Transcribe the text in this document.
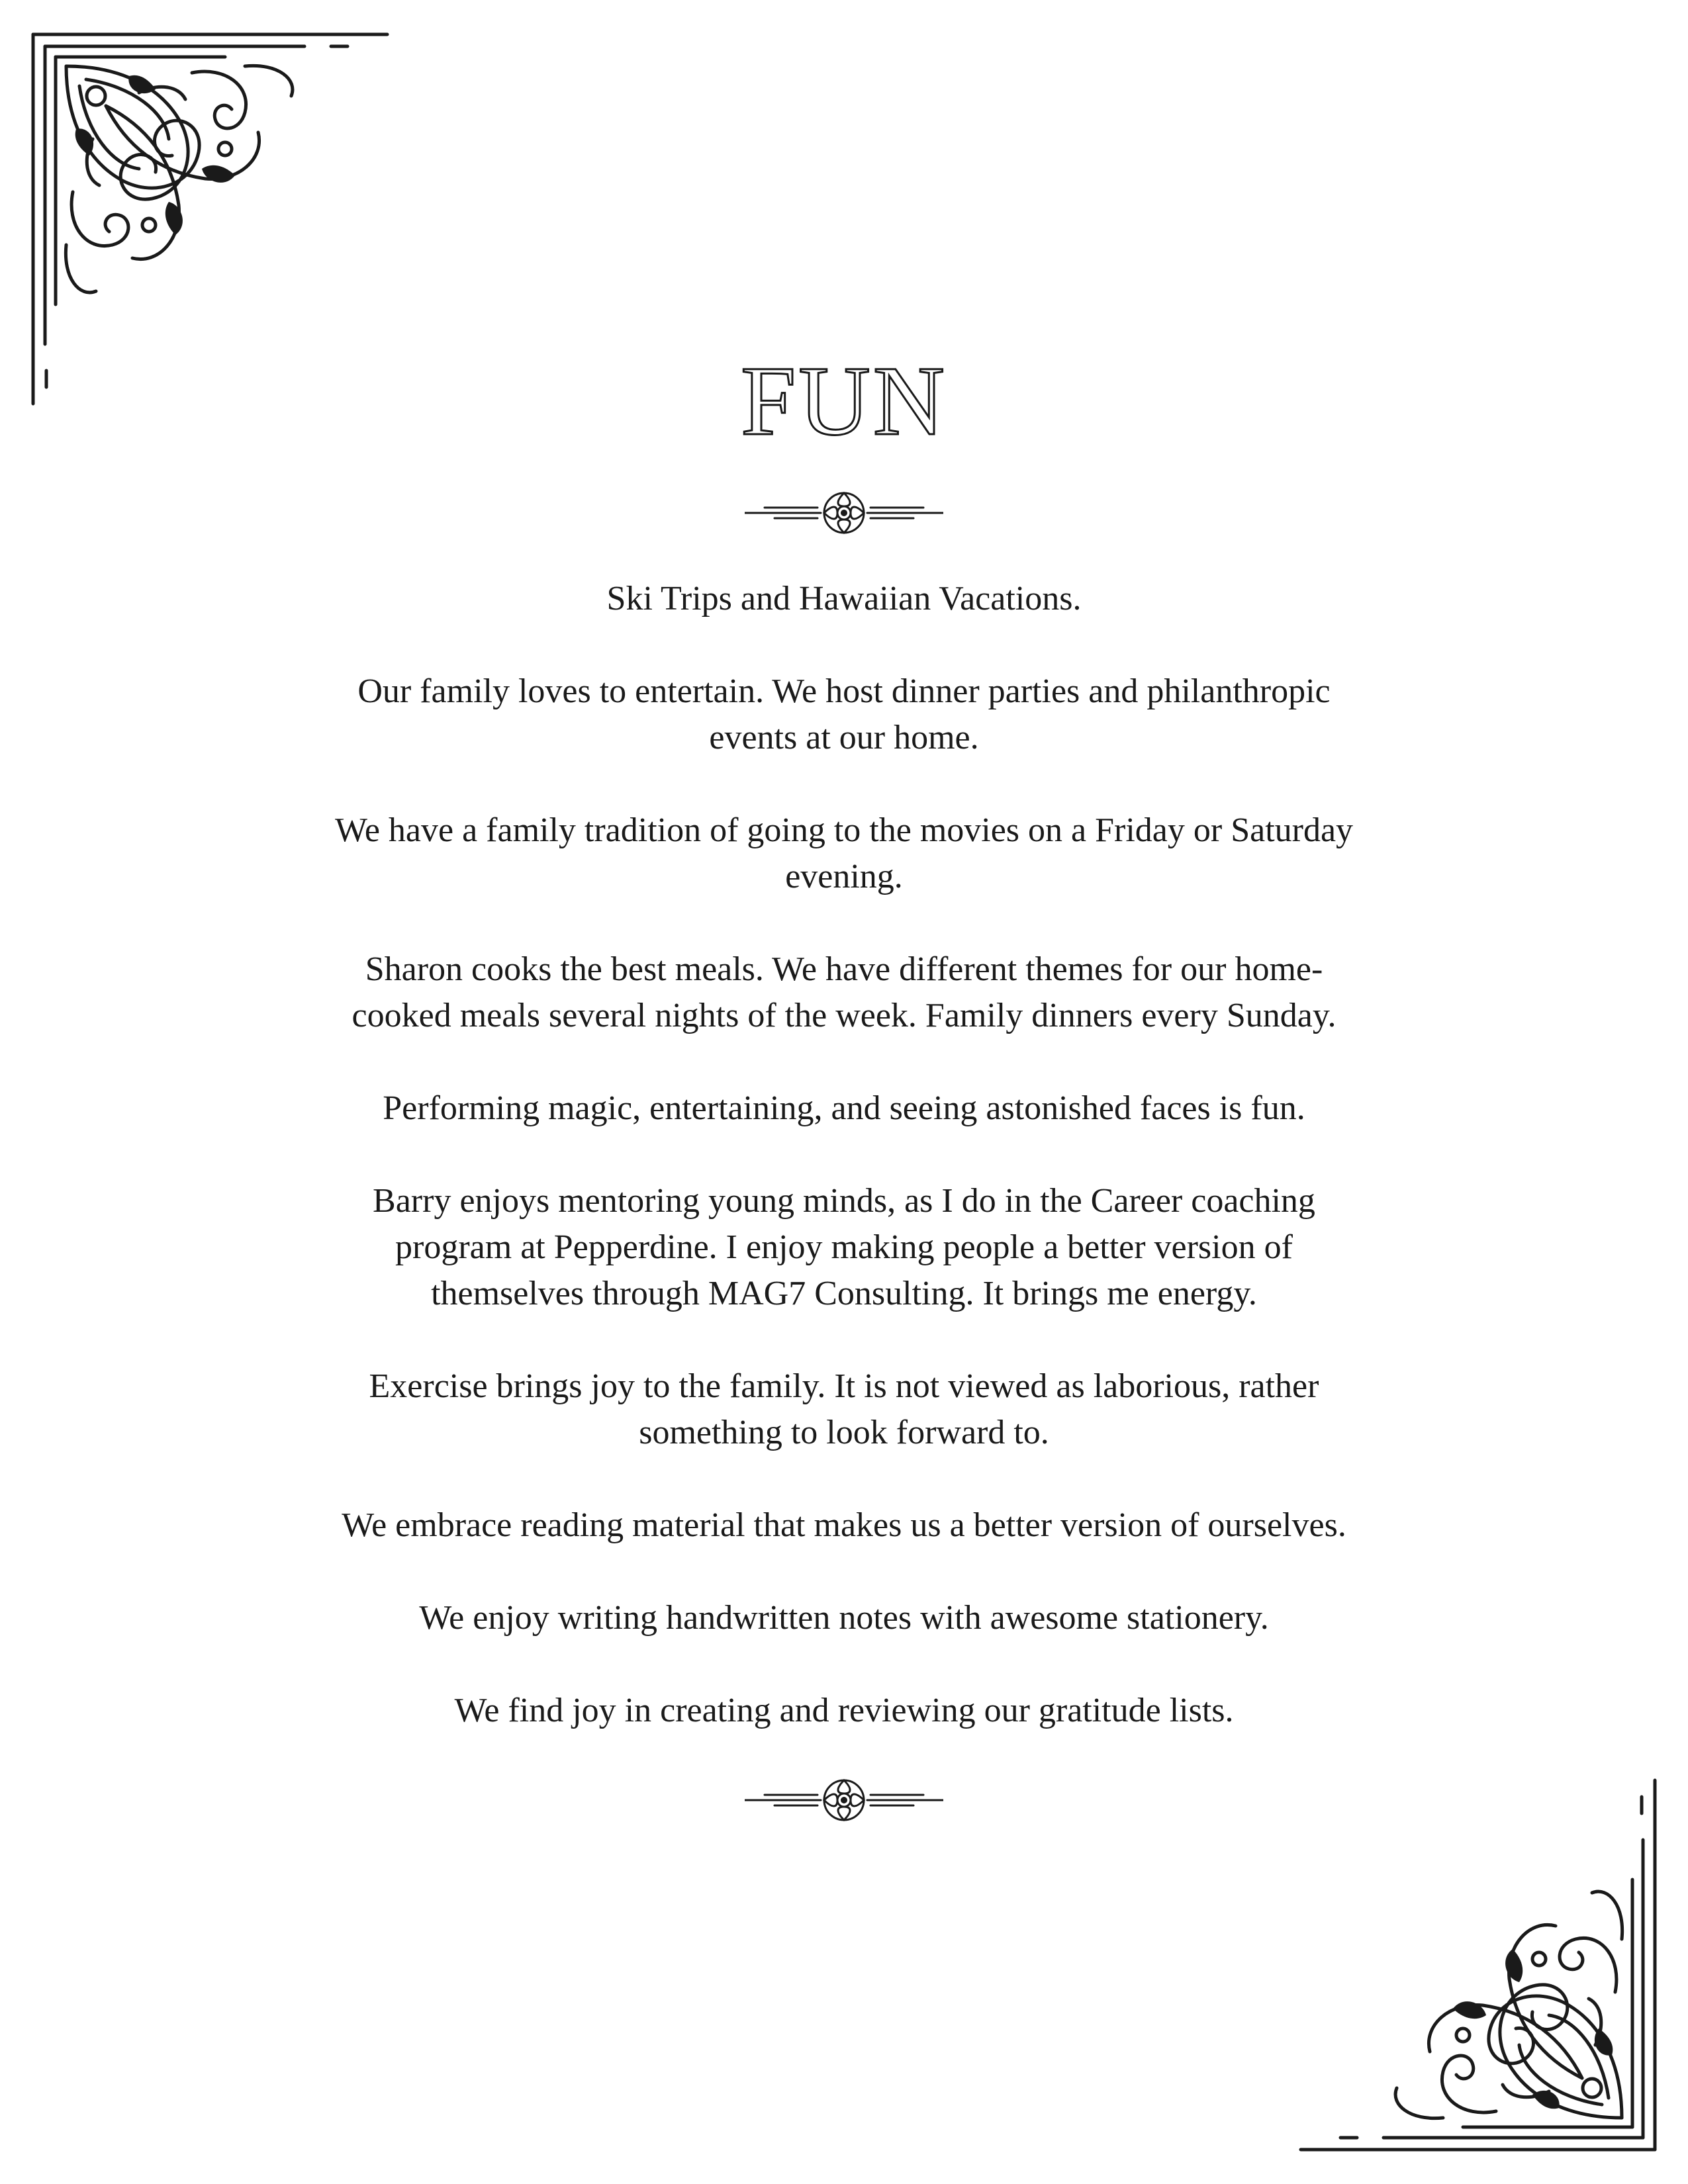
FUN

Ski Trips and Hawaiian Vacations.

Our family loves to entertain. We host dinner parties and philanthropic
events at our home.

We have a family tradition of going to the movies on a Friday or Saturday
evening.

Sharon cooks the best meals. We have different themes for our home-
cooked meals several nights of the week. Family dinners every Sunday.

Performing magic, entertaining, and seeing astonished faces is fun.

Barry enjoys mentoring young minds, as I do in the Career coaching
program at Pepperdine. I enjoy making people a better version of
themselves through MAG7 Consulting. It brings me energy.

Exercise brings joy to the family. It is not viewed as laborious, rather
something to look forward to.

We embrace reading material that makes us a better version of ourselves.

We enjoy writing handwritten notes with awesome stationery.

We find joy in creating and reviewing our gratitude lists.
